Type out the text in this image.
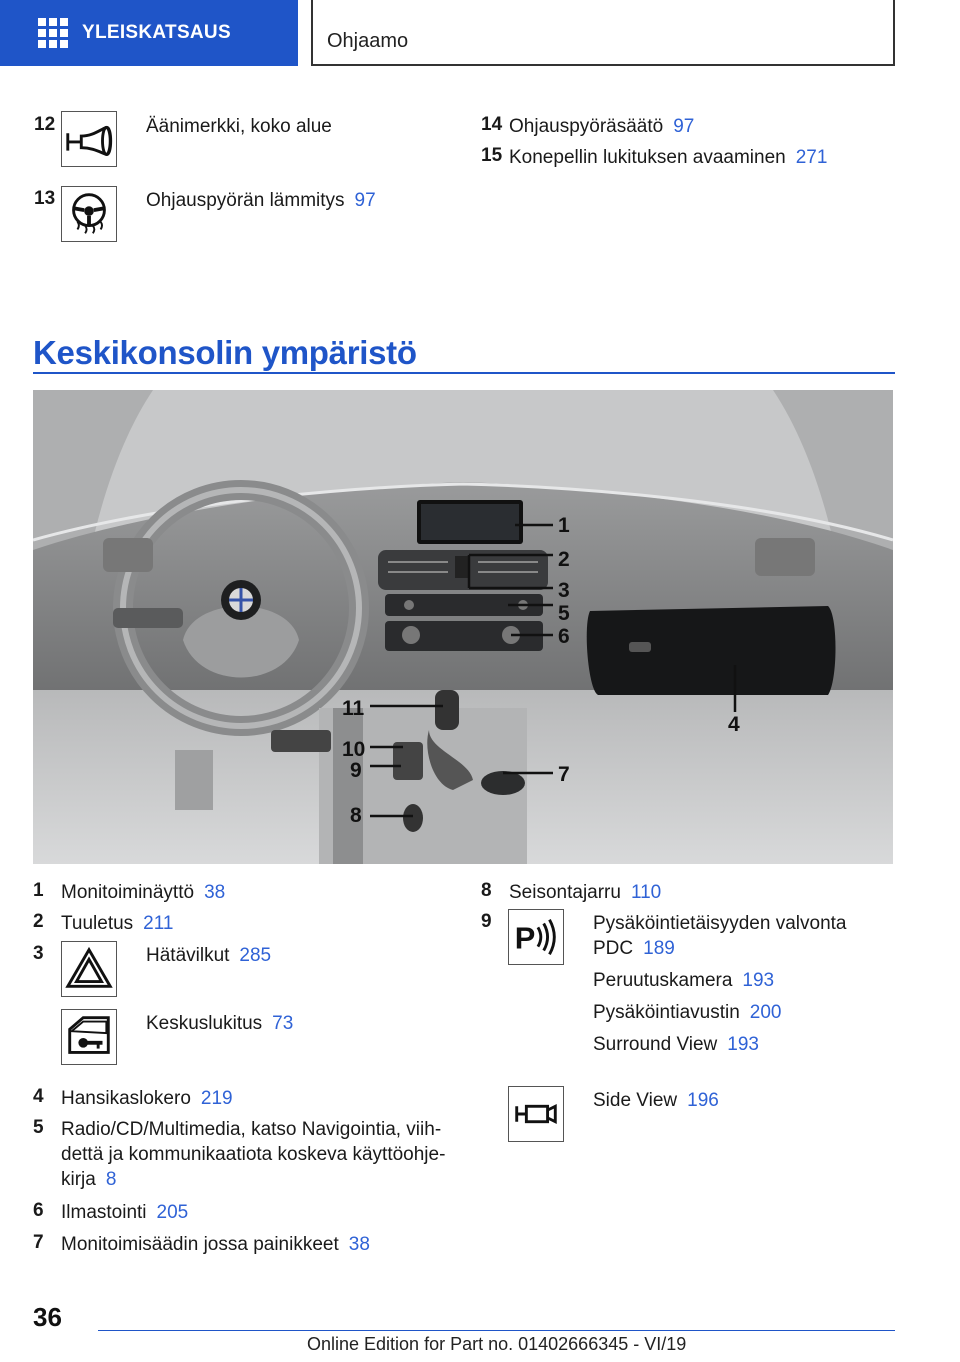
YLEISKATSAUS	Ohjaamo
12	Äänimerkki, koko alue
13	Ohjauspyörän lämmitys 97
14 Ohjauspyöräsäätö 97
15 Konepellin lukituksen avaaminen 271
Keskikonsolin ympäristö
1
2
3
5
6
4
11
10
9	7
8
1 Monitoiminäyttö 38
2 Tuuletus 211
3	Hätävilkut 285
Keskuslukitus 73
4 Hansikaslokero 219
5 Radio/CD/Multimedia, katso Navigointia, viih-
dettä ja kommunikaatiota koskeva käyttöohje-
kirja 8
6 Ilmastointi 205
7 Monitoimisäädin jossa painikkeet 38
8 Seisontajarru 110
9 P	Pysäköintietäisyyden valvonta
PDC 189
Peruutuskamera 193
Pysäköintiavustin 200
Surround View 193
Side View 196
36
Online Edition for Part no. 01402666345 - VI/19
